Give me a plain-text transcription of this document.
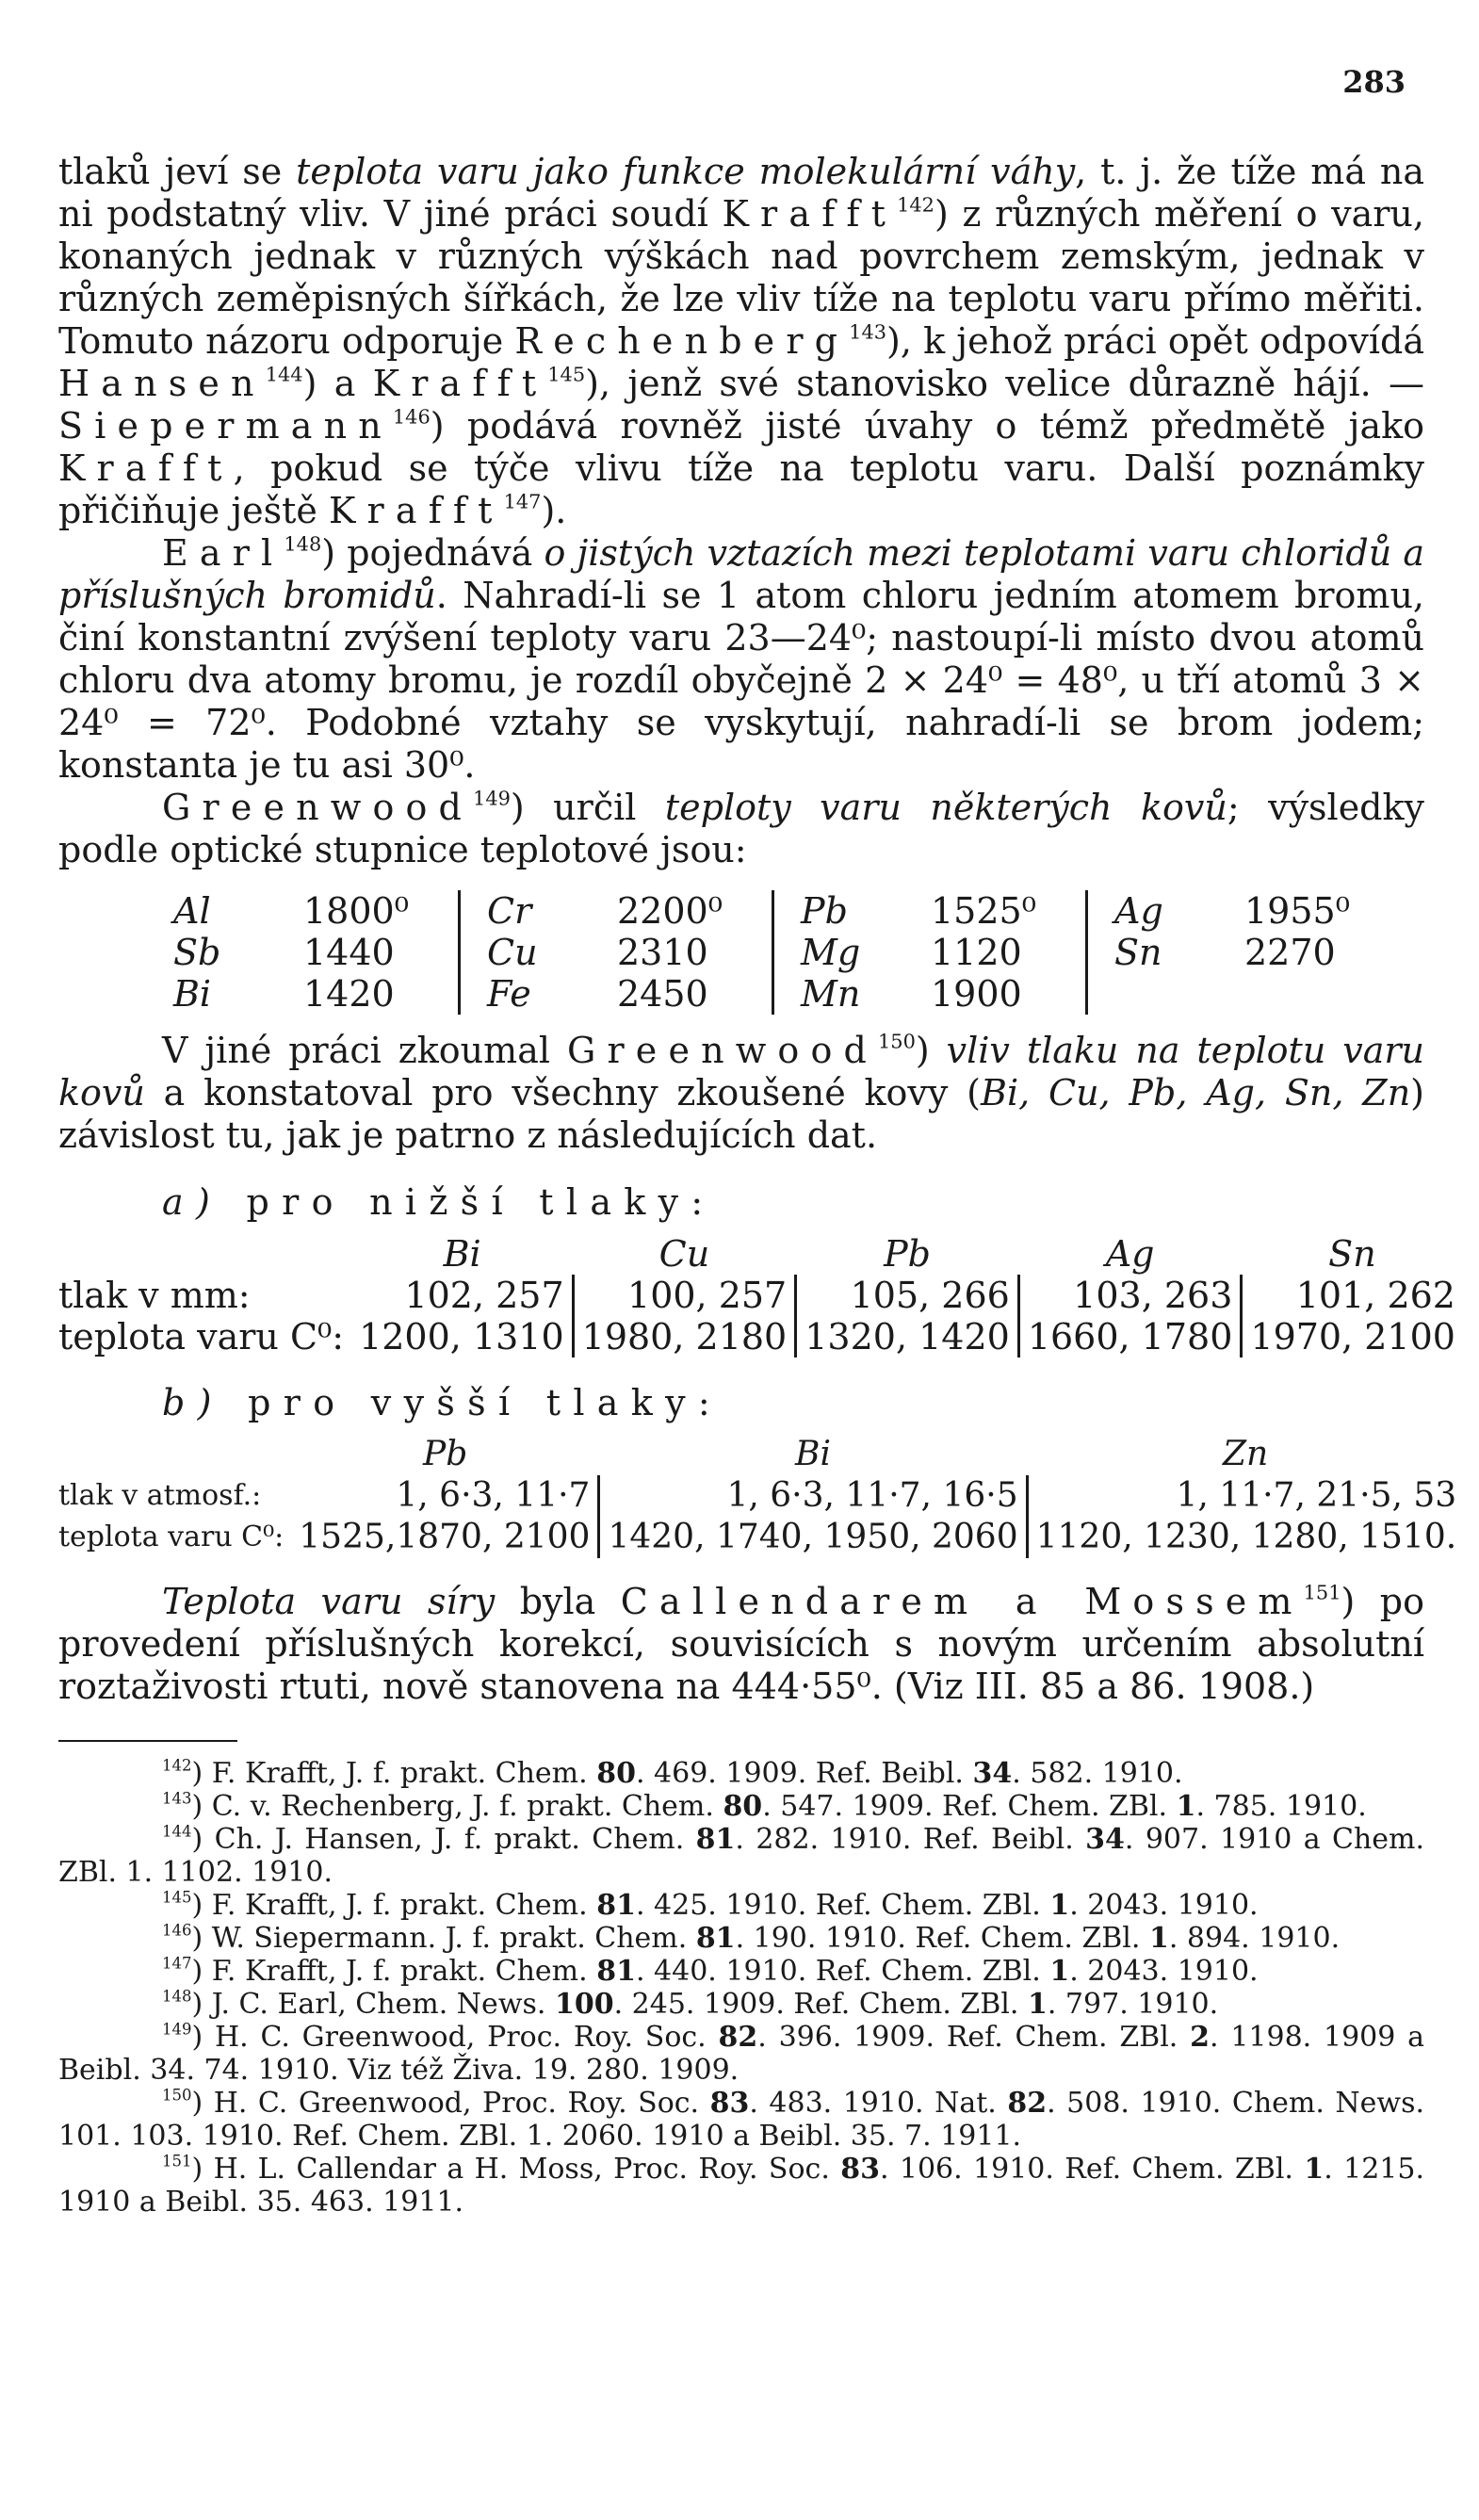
283

tlaků jeví se teplota varu jako funkce molekulární váhy, t. j. že tíže má na ni podstatný vliv. V jiné práci soudí Krafft$^{142}$) z různých měření o varu, konaných jednak v různých výškách nad povrchem zemským, jednak v různých zeměpisných šířkách, že lze vliv tíže na teplotu varu přímo měřiti. Tomuto názoru odporuje Rechenberg$^{143}$), k jehož práci opět odpovídá Hansen$^{144}$) a Krafft$^{145}$), jenž své stanovisko velice důrazně hájí. — Siepermann$^{146}$) podává rovněž jisté úvahy o témž předmětě jako Krafft, pokud se týče vlivu tíže na teplotu varu. Další poznámky přičiňuje ještě Krafft$^{147}$).

Earl$^{148}$) pojednává o jistých vztazích mezi teplotami varu chloridů a příslušných bromidů. Nahradí-li se 1 atom chloru jedním atomem bromu, činí konstantní zvýšení teploty varu 23—24⁰; nastoupí-li místo dvou atomů chloru dva atomy bromu, je rozdíl obyčejně 2 × 24⁰ = 48⁰, u tří atomů 3 × 24⁰ = 72⁰. Podobné vztahy se vyskytují, nahradí-li se brom jodem; konstanta je tu asi 30⁰.

Greenwood$^{149}$) určil teploty varu některých kovů; výsledky podle optické stupnice teplotové jsou:

Al	1800⁰	Cr	2200⁰	Pb	1525⁰	Ag	1955⁰
Sb	1440	Cu	2310	Mg	1120	Sn	2270
Bi	1420	Fe	2450	Mn	1900		

V jiné práci zkoumal Greenwood$^{150}$) vliv tlaku na teplotu varu kovů a konstatoval pro všechny zkoušené kovy (Bi, Cu, Pb, Ag, Sn, Zn) závislost tu, jak je patrno z následujících dat.

a) pro nižší tlaky:
	Bi	Cu	Pb	Ag	Sn
tlak v mm:	102, 257	100, 257	105, 266	103, 263	101, 262
teplota varu C⁰:	1200, 1310	1980, 2180	1320, 1420	1660, 1780	1970, 2100
b) pro vyšší tlaky:
	Pb	Bi	Zn
tlak v atmosf.:	1, 6·3, 11·7	1, 6·3, 11·7, 16·5	1, 11·7, 21·5, 53
teplota varu C⁰:	1525,1870, 2100	1420, 1740, 1950, 2060	1120, 1230, 1280, 1510.

Teplota varu síry byla Callendarem a Mossem$^{151}$) po provedení příslušných korekcí, souvisících s novým určením absolutní roztaživosti rtuti, nově stanovena na 444·55⁰. (Viz III. 85 a 86. 1908.)

$^{142}$) F. Krafft, J. f. prakt. Chem. 80. 469. 1909. Ref. Beibl. 34. 582. 1910.

$^{143}$) C. v. Rechenberg, J. f. prakt. Chem. 80. 547. 1909. Ref. Chem. ZBl. 1. 785. 1910.

$^{144}$) Ch. J. Hansen, J. f. prakt. Chem. 81. 282. 1910. Ref. Beibl. 34. 907. 1910 a Chem. ZBl. 1. 1102. 1910.

$^{145}$) F. Krafft, J. f. prakt. Chem. 81. 425. 1910. Ref. Chem. ZBl. 1. 2043. 1910.

$^{146}$) W. Siepermann. J. f. prakt. Chem. 81. 190. 1910. Ref. Chem. ZBl. 1. 894. 1910.

$^{147}$) F. Krafft, J. f. prakt. Chem. 81. 440. 1910. Ref. Chem. ZBl. 1. 2043. 1910.

$^{148}$) J. C. Earl, Chem. News. 100. 245. 1909. Ref. Chem. ZBl. 1. 797. 1910.

$^{149}$) H. C. Greenwood, Proc. Roy. Soc. 82. 396. 1909. Ref. Chem. ZBl. 2. 1198. 1909 a Beibl. 34. 74. 1910. Viz též Živa. 19. 280. 1909.

$^{150}$) H. C. Greenwood, Proc. Roy. Soc. 83. 483. 1910. Nat. 82. 508. 1910. Chem. News. 101. 103. 1910. Ref. Chem. ZBl. 1. 2060. 1910 a Beibl. 35. 7. 1911.

$^{151}$) H. L. Callendar a H. Moss, Proc. Roy. Soc. 83. 106. 1910. Ref. Chem. ZBl. 1. 1215. 1910 a Beibl. 35. 463. 1911.
